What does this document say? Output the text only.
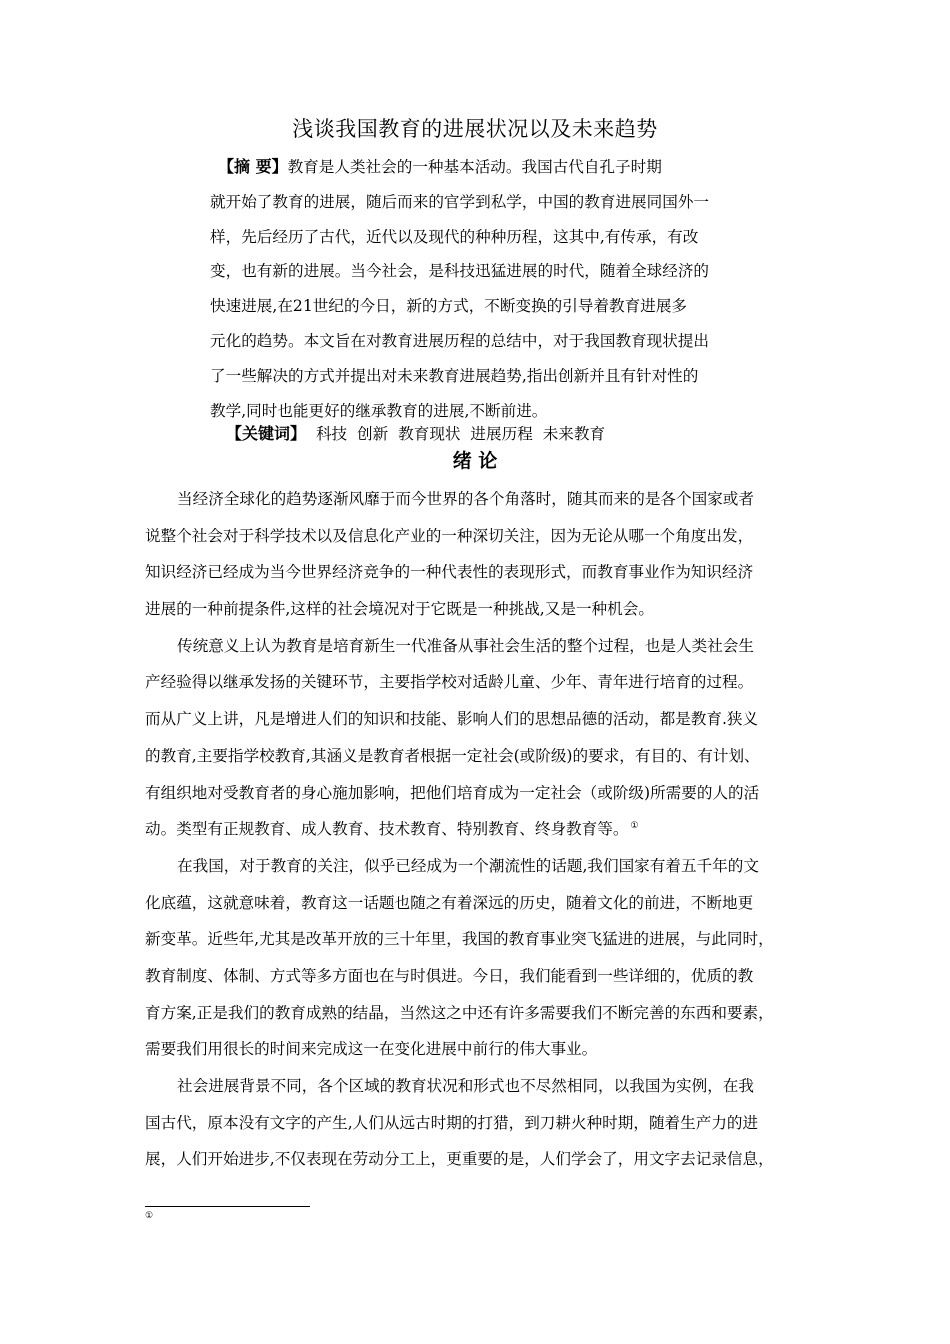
浅谈我国教育的进展状况以及未来趋势
【摘 要】教育是人类社会的一种基本活动。我国古代自孔子时期
就开始了教育的进展，随后而来的官学到私学，中国的教育进展同国外一
样，先后经历了古代，近代以及现代的种种历程，这其中,有传承，有改
变，也有新的进展。当今社会，是科技迅猛进展的时代，随着全球经济的
快速进展,在21世纪的今日，新的方式，不断变换的引导着教育进展多
元化的趋势。本文旨在对教育进展历程的总结中，对于我国教育现状提出
了一些解决的方式并提出对未来教育进展趋势,指出创新并且有针对性的
教学,同时也能更好的继承教育的进展,不断前进。
【关键词】 科技  创新  教育现状  进展历程  未来教育
绪 论
当经济全球化的趋势逐渐风靡于而今世界的各个角落时，随其而来的是各个国家或者
说整个社会对于科学技术以及信息化产业的一种深切关注，因为无论从哪一个角度出发，
知识经济已经成为当今世界经济竞争的一种代表性的表现形式，而教育事业作为知识经济
进展的一种前提条件,这样的社会境况对于它既是一种挑战,又是一种机会。
传统意义上认为教育是培育新生一代准备从事社会生活的整个过程，也是人类社会生
产经验得以继承发扬的关键环节，主要指学校对适龄儿童、少年、青年进行培育的过程。
而从广义上讲，凡是增进人们的知识和技能、影响人们的思想品德的活动，都是教育.狭义
的教育,主要指学校教育,其涵义是教育者根据一定社会(或阶级)的要求，有目的、有计划、
有组织地对受教育者的身心施加影响，把他们培育成为一定社会（或阶级)所需要的人的活
动。类型有正规教育、成人教育、技术教育、特别教育、终身教育等。 ①
在我国，对于教育的关注，似乎已经成为一个潮流性的话题,我们国家有着五千年的文
化底蕴，这就意味着，教育这一话题也随之有着深远的历史，随着文化的前进，不断地更
新变革。近些年,尤其是改革开放的三十年里，我国的教育事业突飞猛进的进展，与此同时，
教育制度、体制、方式等多方面也在与时俱进。今日，我们能看到一些详细的，优质的教
育方案,正是我们的教育成熟的结晶，当然这之中还有许多需要我们不断完善的东西和要素，
需要我们用很长的时间来完成这一在变化进展中前行的伟大事业。
社会进展背景不同，各个区域的教育状况和形式也不尽然相同，以我国为实例，在我
国古代，原本没有文字的产生,人们从远古时期的打猎，到刀耕火种时期，随着生产力的进
展，人们开始进步,不仅表现在劳动分工上，更重要的是，人们学会了，用文字去记录信息，
①
